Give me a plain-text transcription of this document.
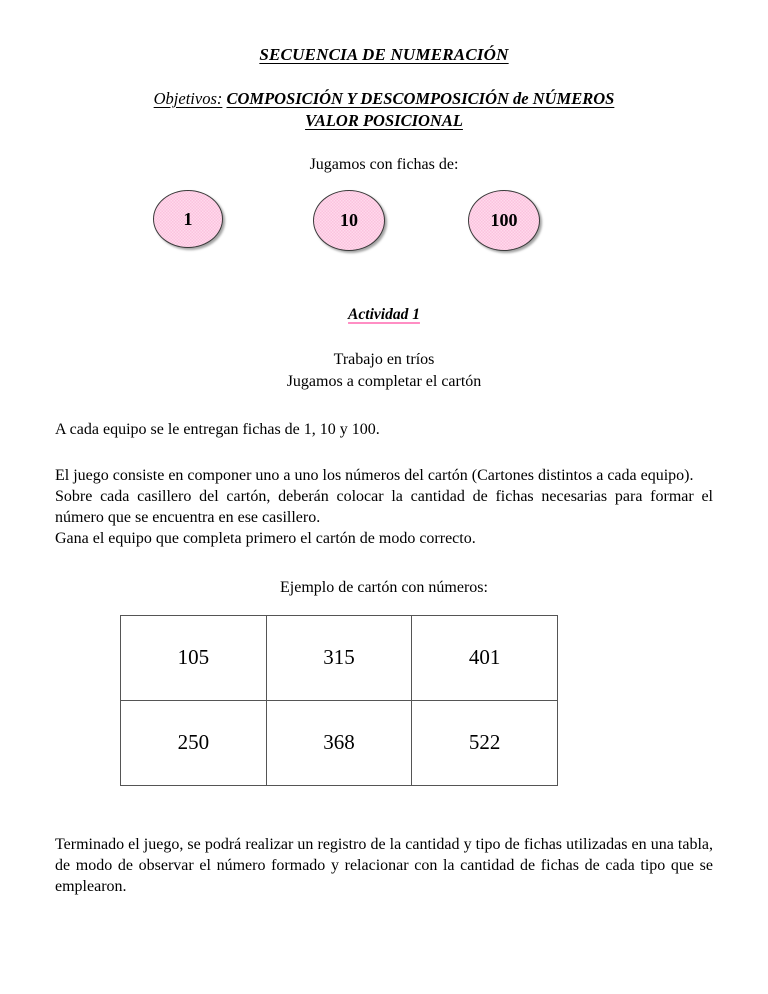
SECUENCIA DE NUMERACIÓN

Objetivos: COMPOSICIÓN Y DESCOMPOSICIÓN de NÚMEROS
VALOR POSICIONAL

Jugamos con fichas de:

1	10	100

Actividad 1

Trabajo en tríos

Jugamos a completar el cartón

A cada equipo se le entregan fichas de 1, 10 y 100.

El juego consiste en componer uno a uno los números del cartón (Cartones distintos a cada equipo).
Sobre cada casillero del cartón, deberán colocar la cantidad de fichas necesarias para formar el número que se encuentra en ese casillero.
Gana el equipo que completa primero el cartón de modo correcto.

Ejemplo de cartón con números:

105	315	401
250	368	522

Terminado el juego, se podrá realizar un registro de la cantidad y tipo de fichas utilizadas en una tabla, de modo de observar el número formado y relacionar con la cantidad de fichas de cada tipo que se emplearon.
